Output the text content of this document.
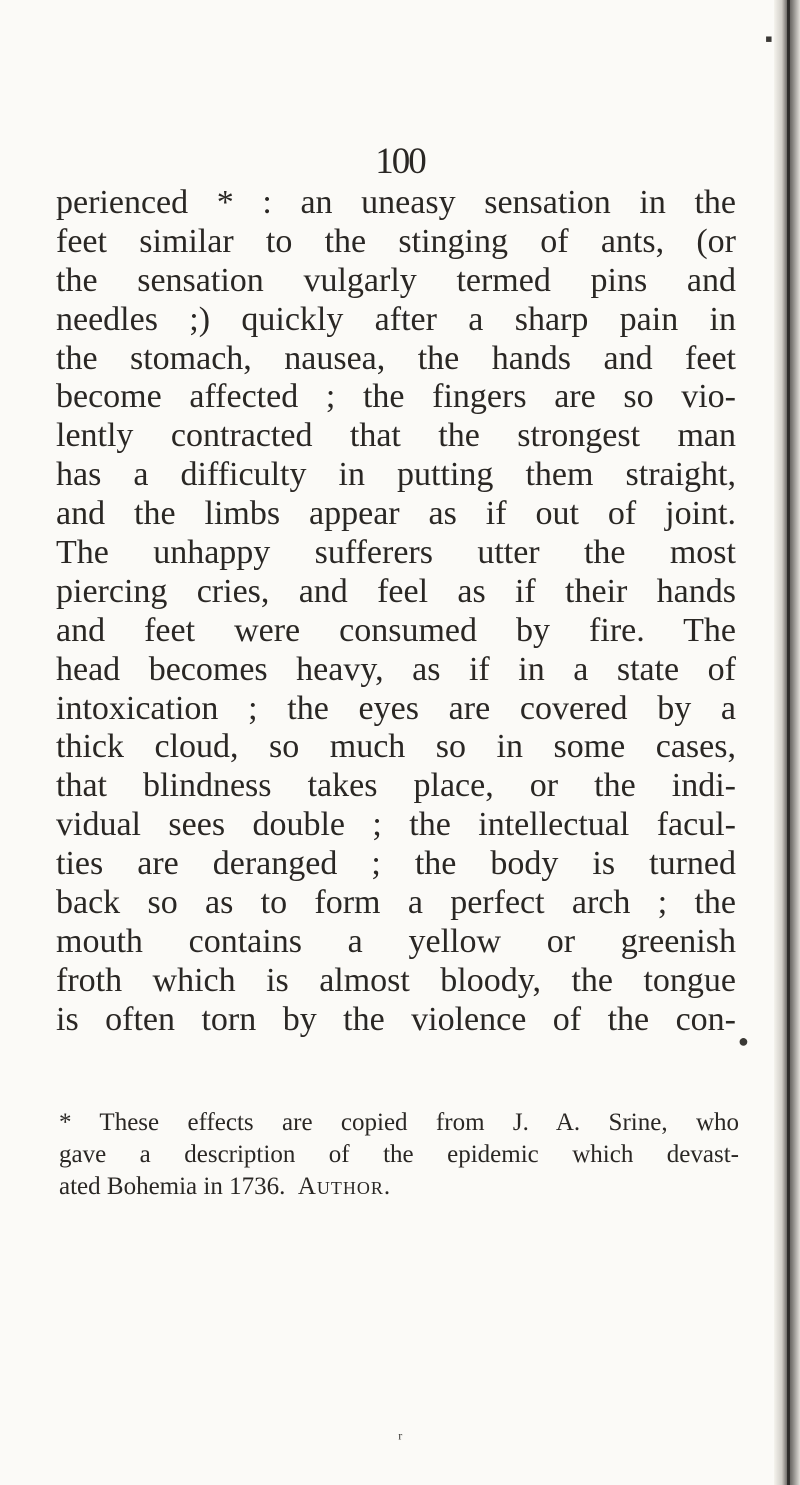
100
perienced * : an uneasy sensation in the
feet similar to the stinging of ants, (or
the sensation vulgarly termed pins and
needles ;) quickly after a sharp pain in
the stomach, nausea, the hands and feet
become affected ; the fingers are so vio-
lently contracted that the strongest man
has a difficulty in putting them straight,
and the limbs appear as if out of joint.
The unhappy sufferers utter the most
piercing cries, and feel as if their hands
and feet were consumed by fire. The
head becomes heavy, as if in a state of
intoxication ; the eyes are covered by a
thick cloud, so much so in some cases,
that blindness takes place, or the indi-
vidual sees double ; the intellectual facul-
ties are deranged ; the body is turned
back so as to form a perfect arch ; the
mouth contains a yellow or greenish
froth which is almost bloody, the tongue
is often torn by the violence of the con-
* These effects are copied from J. A. Srine, who
gave a description of the epidemic which devast-
ated Bohemia in 1736. Author.
▪
●
ʳ
